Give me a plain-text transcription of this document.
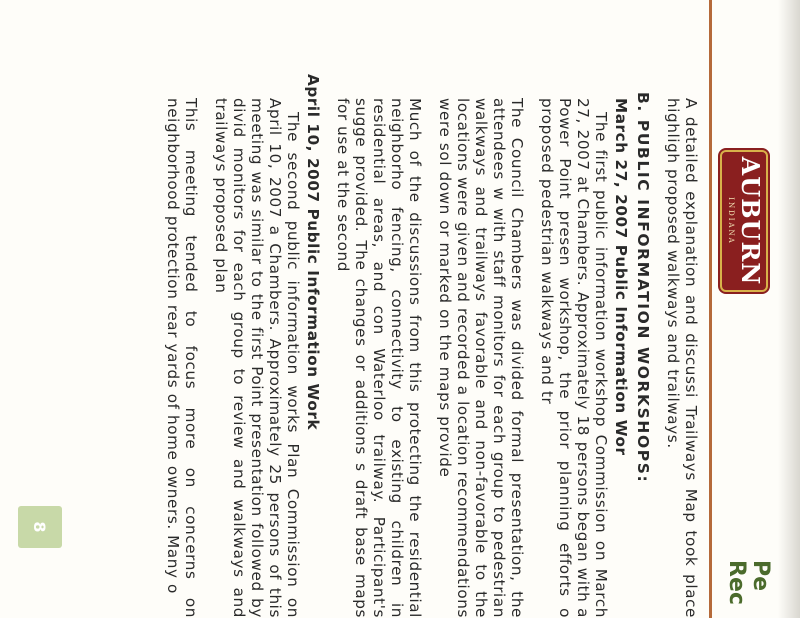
Pe
Rec
AUBURN
INDIANA

A detailed explanation and discussi Trailways Map took place highligh proposed walkways and trailways.

B. PUBLIC INFORMATION WORKSHOPS:
March 27, 2007 Public Information Wor

The first public information workshop Commission on March 27, 2007 at Chambers. Approximately 18 persons began with a Power Point presen workshop, the prior planning efforts o proposed pedestrian walkways and tr

The Council Chambers was divided formal presentation, the attendees w with staff monitors for each group to pedestrian walkways and trailways favorable and non-favorable to the locations were given and recorded a location recommendations were sol down or marked on the maps provide

Much of the discussions from this protecting the residential neighborho fencing, connectivity to existing children in residential areas, and con Waterloo trailway. Participant's sugge provided. The changes or additions s draft base maps for use at the second

April 10, 2007 Public Information Work

The second public information works Plan Commission on April 10, 2007 a Chambers. Approximately 25 persons of this meeting was similar to the first Point presentation followed by divid monitors for each group to review and walkways and trailways proposed plan

This meeting tended to focus more on concerns on neighborhood protection rear yards of home owners. Many o

8
